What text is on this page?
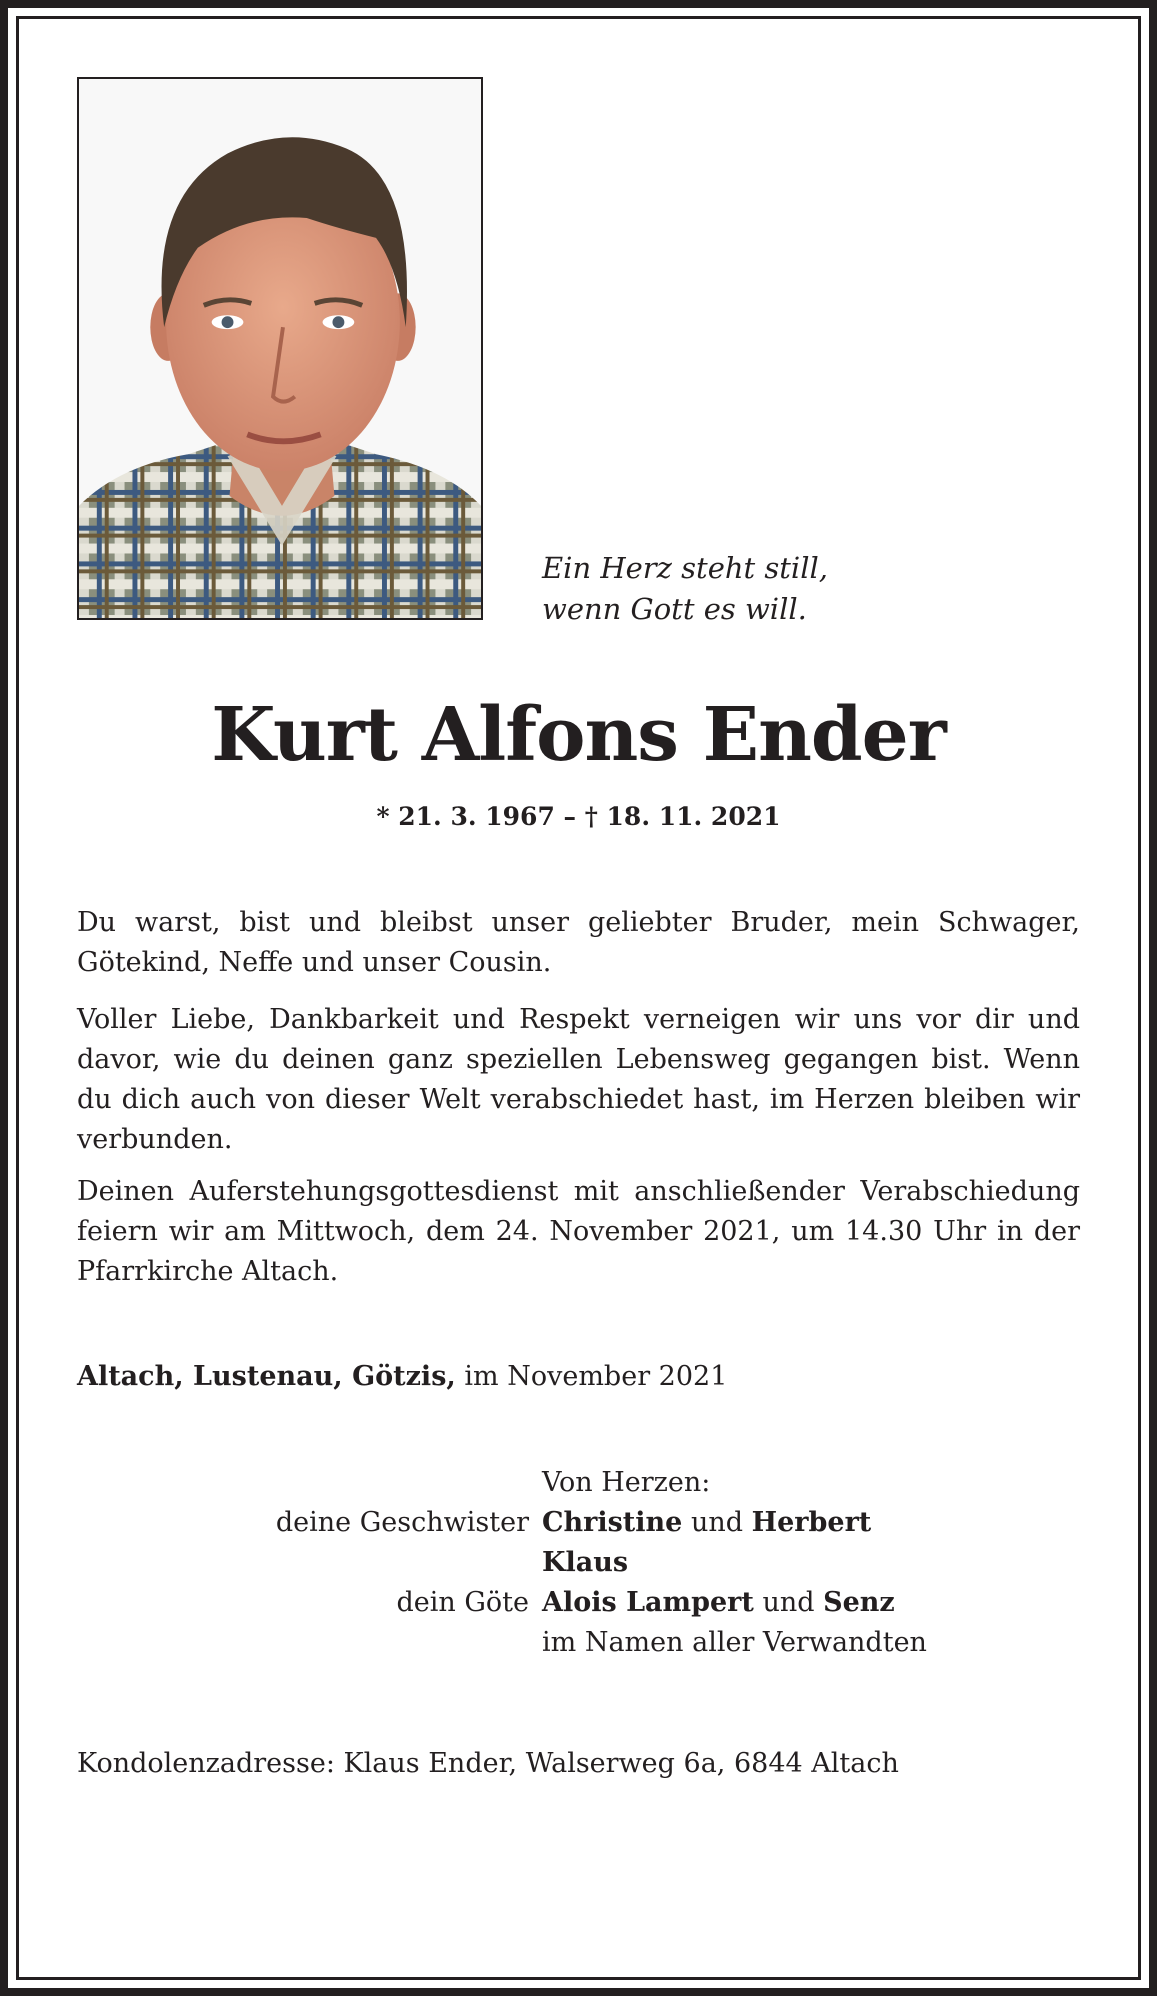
Ein Herz steht still,
wenn Gott es will.
Kurt Alfons Ender
* 21. 3. 1967 – † 18. 11. 2021
Du warst, bist und bleibst unser geliebter Bruder, mein Schwager, Götekind, Neffe und unser Cousin.
Voller Liebe, Dankbarkeit und Respekt verneigen wir uns vor dir und davor, wie du deinen ganz speziellen Lebensweg gegangen bist. Wenn du dich auch von dieser Welt verabschiedet hast, im Herzen bleiben wir verbunden.
Deinen Auferstehungsgottesdienst mit anschließender Verabschiedung feiern wir am Mittwoch, dem 24. November 2021, um 14.30 Uhr in der Pfarrkirche Altach.
Altach, Lustenau, Götzis, im November 2021
Von Herzen:
deine Geschwister Christine und Herbert
Klaus
dein Göte Alois Lampert und Senz
im Namen aller Verwandten
Kondolenzadresse: Klaus Ender, Walserweg 6a, 6844 Altach
